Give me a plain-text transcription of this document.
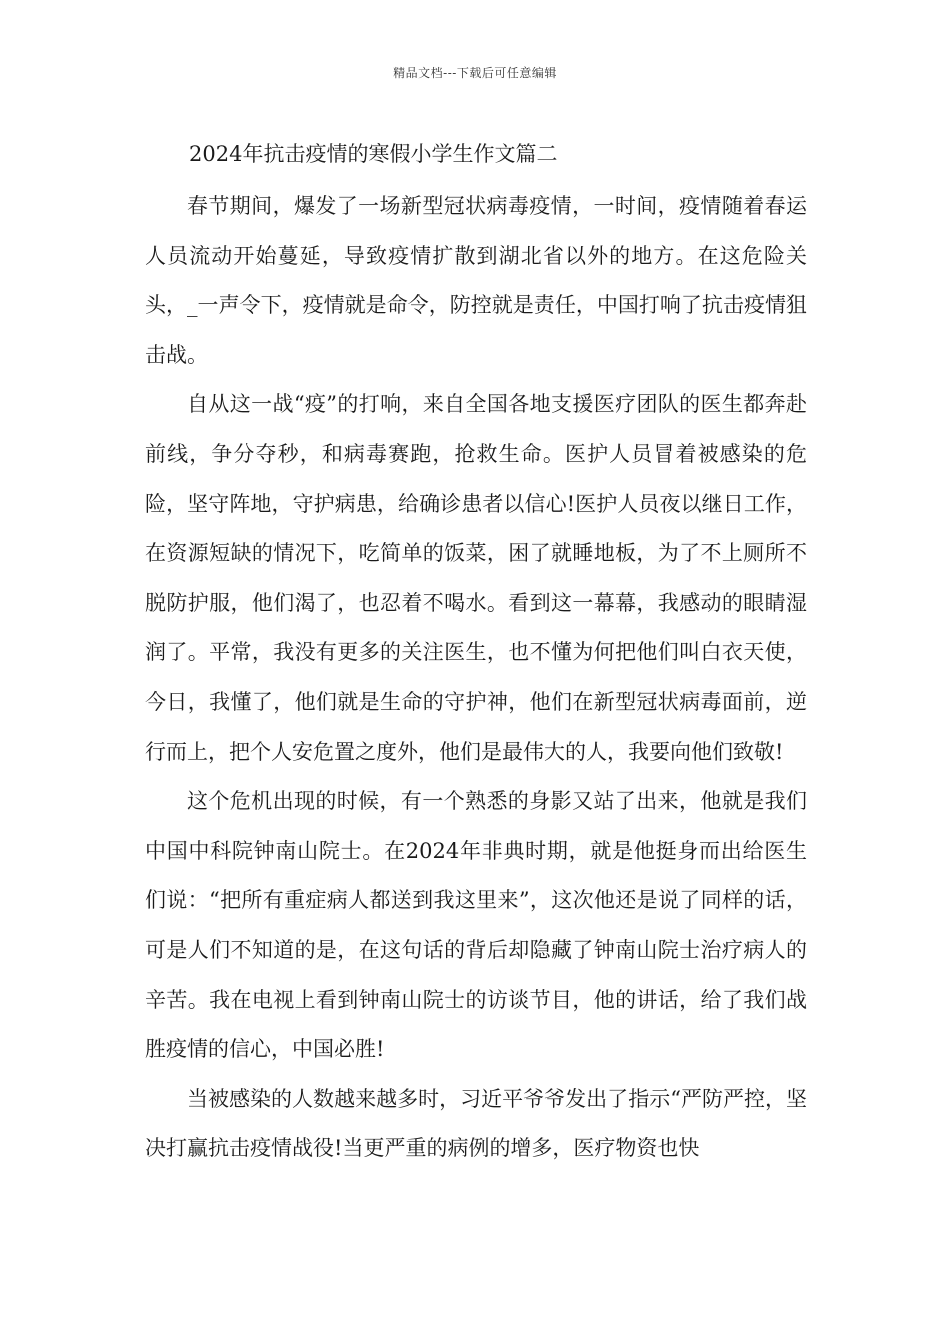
精品文档---下载后可任意编辑
2024年抗击疫情的寒假小学生作文篇二

春节期间，爆发了一场新型冠状病毒疫情，一时间，疫情随着春运人员流动开始蔓延，导致疫情扩散到湖北省以外的地方。在这危险关头，_一声令下，疫情就是命令，防控就是责任，中国打响了抗击疫情狙击战。

自从这一战“疫”的打响，来自全国各地支援医疗团队的医生都奔赴前线，争分夺秒，和病毒赛跑，抢救生命。医护人员冒着被感染的危险，坚守阵地，守护病患，给确诊患者以信心!医护人员夜以继日工作，在资源短缺的情况下，吃简单的饭菜，困了就睡地板，为了不上厕所不脱防护服，他们渴了，也忍着不喝水。看到这一幕幕，我感动的眼睛湿润了。平常，我没有更多的关注医生，也不懂为何把他们叫白衣天使，今日，我懂了，他们就是生命的守护神，他们在新型冠状病毒面前，逆行而上，把个人安危置之度外，他们是最伟大的人，我要向他们致敬!

这个危机出现的时候，有一个熟悉的身影又站了出来，他就是我们中国中科院钟南山院士。在2024年非典时期，就是他挺身而出给医生们说：“把所有重症病人都送到我这里来”，这次他还是说了同样的话，可是人们不知道的是，在这句话的背后却隐藏了钟南山院士治疗病人的辛苦。我在电视上看到钟南山院士的访谈节目，他的讲话，给了我们战胜疫情的信心，中国必胜!

当被感染的人数越来越多时，习近平爷爷发出了指示“严防严控，坚决打赢抗击疫情战役!当更严重的病例的增多，医疗物资也快
